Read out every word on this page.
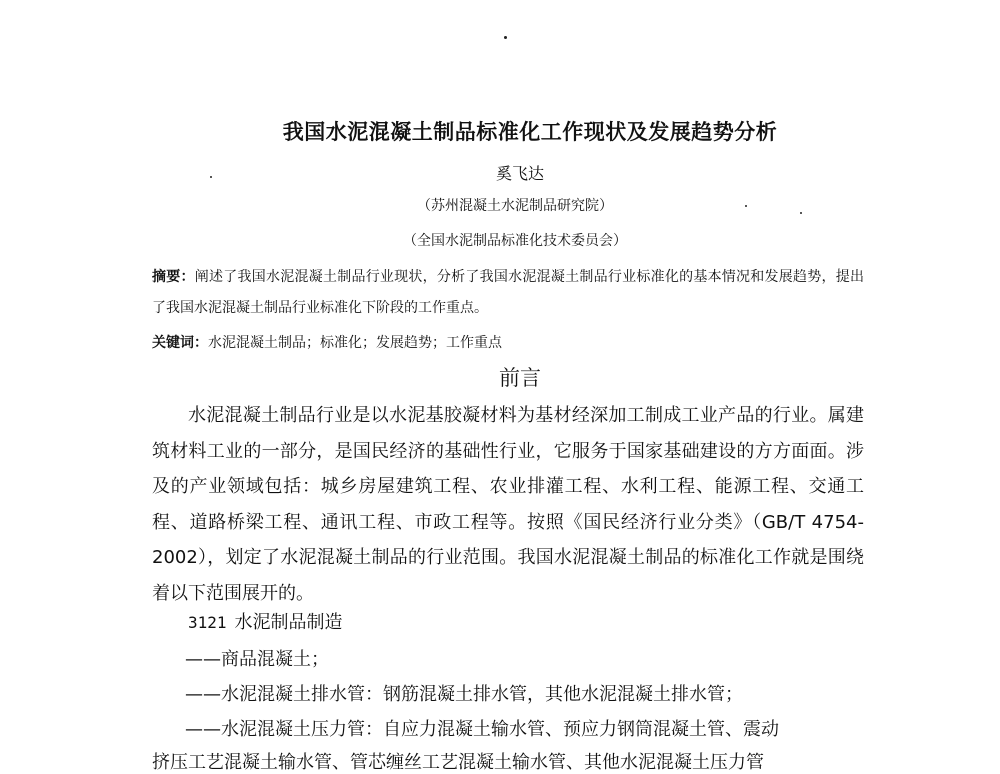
我国水泥混凝土制品标准化工作现状及发展趋势分析
奚飞达
（苏州混凝土水泥制品研究院）
（全国水泥制品标准化技术委员会）
摘要：阐述了我国水泥混凝土制品行业现状，分析了我国水泥混凝土制品行业标准化的基本情况和发展趋势，提出了我国水泥混凝土制品行业标准化下阶段的工作重点。
关键词：水泥混凝土制品；标准化；发展趋势；工作重点
前言
水泥混凝土制品行业是以水泥基胶凝材料为基材经深加工制成工业产品的行业。属建筑材料工业的一部分，是国民经济的基础性行业，它服务于国家基础建设的方方面面。涉及的产业领域包括：城乡房屋建筑工程、农业排灌工程、水利工程、能源工程、交通工程、道路桥梁工程、通讯工程、市政工程等。按照《国民经济行业分类》（GB/T 4754-2002），划定了水泥混凝土制品的行业范围。我国水泥混凝土制品的标准化工作就是围绕着以下范围展开的。
3121 水泥制品制造
——商品混凝土；
——水泥混凝土排水管：钢筋混凝土排水管，其他水泥混凝土排水管；
——水泥混凝土压力管：自应力混凝土输水管、预应力钢筒混凝土管、震动
挤压工艺混凝土输水管、管芯缠丝工艺混凝土输水管、其他水泥混凝土压力管
